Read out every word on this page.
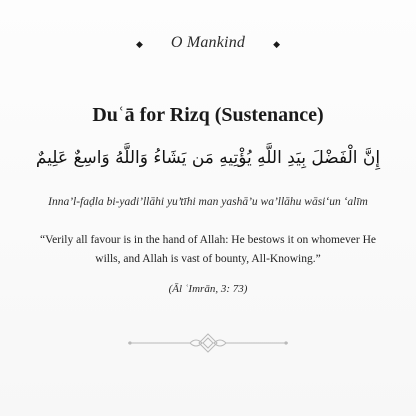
◆ O Mankind	◆
Duʿā for Rizq (Sustenance)
إِنَّ الْفَضْلَ بِيَدِ اللَّهِ يُؤْتِيهِ مَن يَشَاءُ وَاللَّهُ وَاسِعٌ عَلِيمٌ
Inna’l-faḍla bi-yadi’llāhi yu’tīhi man yashā’u wa’llāhu wāsi‘un ‘alīm

“Verily all favour is in the hand of Allah: He bestows it on whomever He wills, and Allah is vast of bounty, All-Knowing.”

(Āl ʿImrān, 3: 73)
